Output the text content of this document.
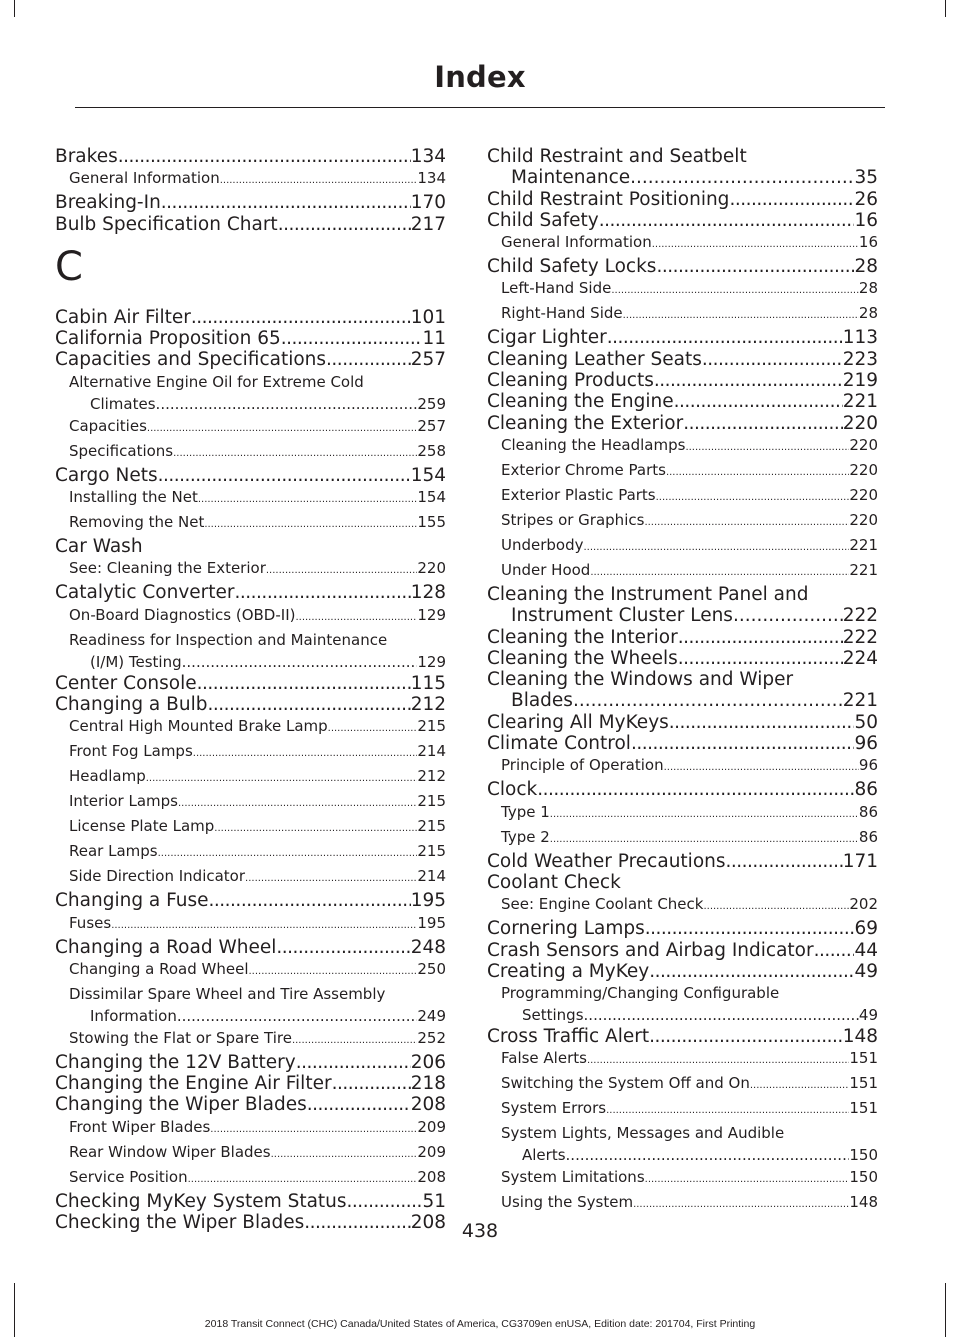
Index
Brakes .....	134
General Information .....	134
Breaking-In .....	170
Bulb Specification Chart .....	217
C
Cabin Air Filter .....	101
California Proposition 65 .....	11
Capacities and Specifications .....	257
Alternative Engine Oil for Extreme Cold
Climates .....	259
Capacities .....	257
Specifications .....	258
Cargo Nets .....	154
Installing the Net .....	154
Removing the Net .....	155
Car Wash
See: Cleaning the Exterior .....	220
Catalytic Converter .....	128
On-Board Diagnostics (OBD-II) .....	129
Readiness for Inspection and Maintenance
(I/M) Testing .....	129
Center Console .....	115
Changing a Bulb .....	212
Central High Mounted Brake Lamp .....	215
Front Fog Lamps .....	214
Headlamp .....	212
Interior Lamps .....	215
License Plate Lamp .....	215
Rear Lamps .....	215
Side Direction Indicator .....	214
Changing a Fuse .....	195
Fuses .....	195
Changing a Road Wheel .....	248
Changing a Road Wheel .....	250
Dissimilar Spare Wheel and Tire Assembly
Information .....	249
Stowing the Flat or Spare Tire .....	252
Changing the 12V Battery .....	206
Changing the Engine Air Filter .....	218
Changing the Wiper Blades .....	208
Front Wiper Blades .....	209
Rear Window Wiper Blades .....	209
Service Position .....	208
Checking MyKey System Status .....	51
Checking the Wiper Blades .....	208
Child Restraint and Seatbelt
Maintenance .....	35
Child Restraint Positioning .....	26
Child Safety .....	16
General Information .....	16
Child Safety Locks .....	28
Left-Hand Side .....	28
Right-Hand Side .....	28
Cigar Lighter .....	113
Cleaning Leather Seats .....	223
Cleaning Products .....	219
Cleaning the Engine .....	221
Cleaning the Exterior .....	220
Cleaning the Headlamps .....	220
Exterior Chrome Parts .....	220
Exterior Plastic Parts .....	220
Stripes or Graphics .....	220
Underbody .....	221
Under Hood .....	221
Cleaning the Instrument Panel and
Instrument Cluster Lens .....	222
Cleaning the Interior .....	222
Cleaning the Wheels .....	224
Cleaning the Windows and Wiper
Blades .....	221
Clearing All MyKeys .....	50
Climate Control .....	96
Principle of Operation .....	96
Clock .....	86
Type 1 .....	86
Type 2 .....	86
Cold Weather Precautions .....	171
Coolant Check
See: Engine Coolant Check .....	202
Cornering Lamps .....	69
Crash Sensors and Airbag Indicator ..... 44
Creating a MyKey .....	49
Programming/Changing Configurable
Settings .....	49
Cross Traffic Alert .....	148
False Alerts .....	151
Switching the System Off and On .....	151
System Errors .....	151
System Lights, Messages and Audible
Alerts .....	150
System Limitations .....	150
Using the System .....	148
438
2018 Transit Connect (CHC) Canada/United States of America, CG3709en enUSA, Edition date: 201704, First Printing
